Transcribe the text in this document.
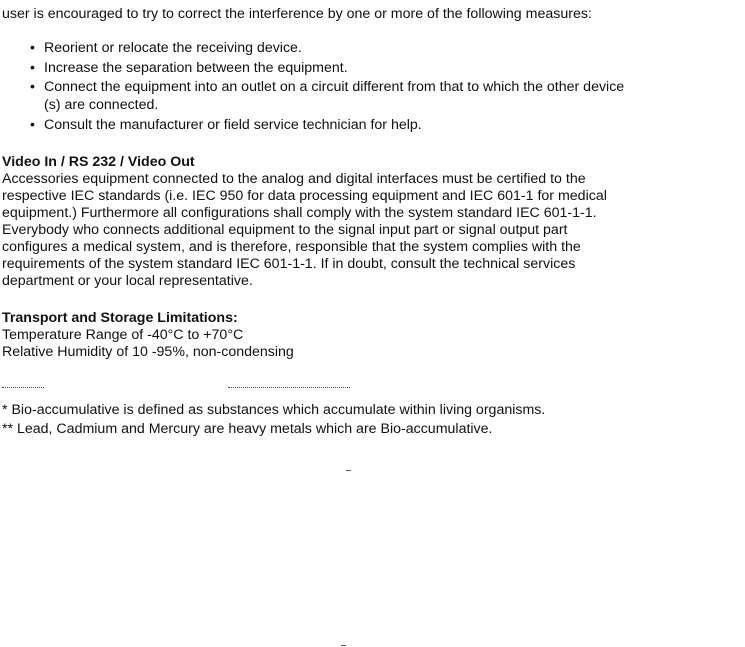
user is encouraged to try to correct the interference by one or more of the following measures:
• Reorient or relocate the receiving device.
• Increase the separation between the equipment.
• Connect the equipment into an outlet on a circuit different from that to which the other device
(s) are connected.
• Consult the manufacturer or field service technician for help.
Video In / RS 232 / Video Out
Accessories equipment connected to the analog and digital interfaces must be certified to the
respective IEC standards (i.e. IEC 950 for data processing equipment and IEC 601-1 for medical
equipment.) Furthermore all configurations shall comply with the system standard IEC 601-1-1.
Everybody who connects additional equipment to the signal input part or signal output part
configures a medical system, and is therefore, responsible that the system complies with the
requirements of the system standard IEC 601-1-1. If in doubt, consult the technical services
department or your local representative.
Transport and Storage Limitations:
Temperature Range of -40°C to +70°C
Relative Humidity of 10 -95%, non-condensing
* Bio-accumulative is defined as substances which accumulate within living organisms.
** Lead, Cadmium and Mercury are heavy metals which are Bio-accumulative.
